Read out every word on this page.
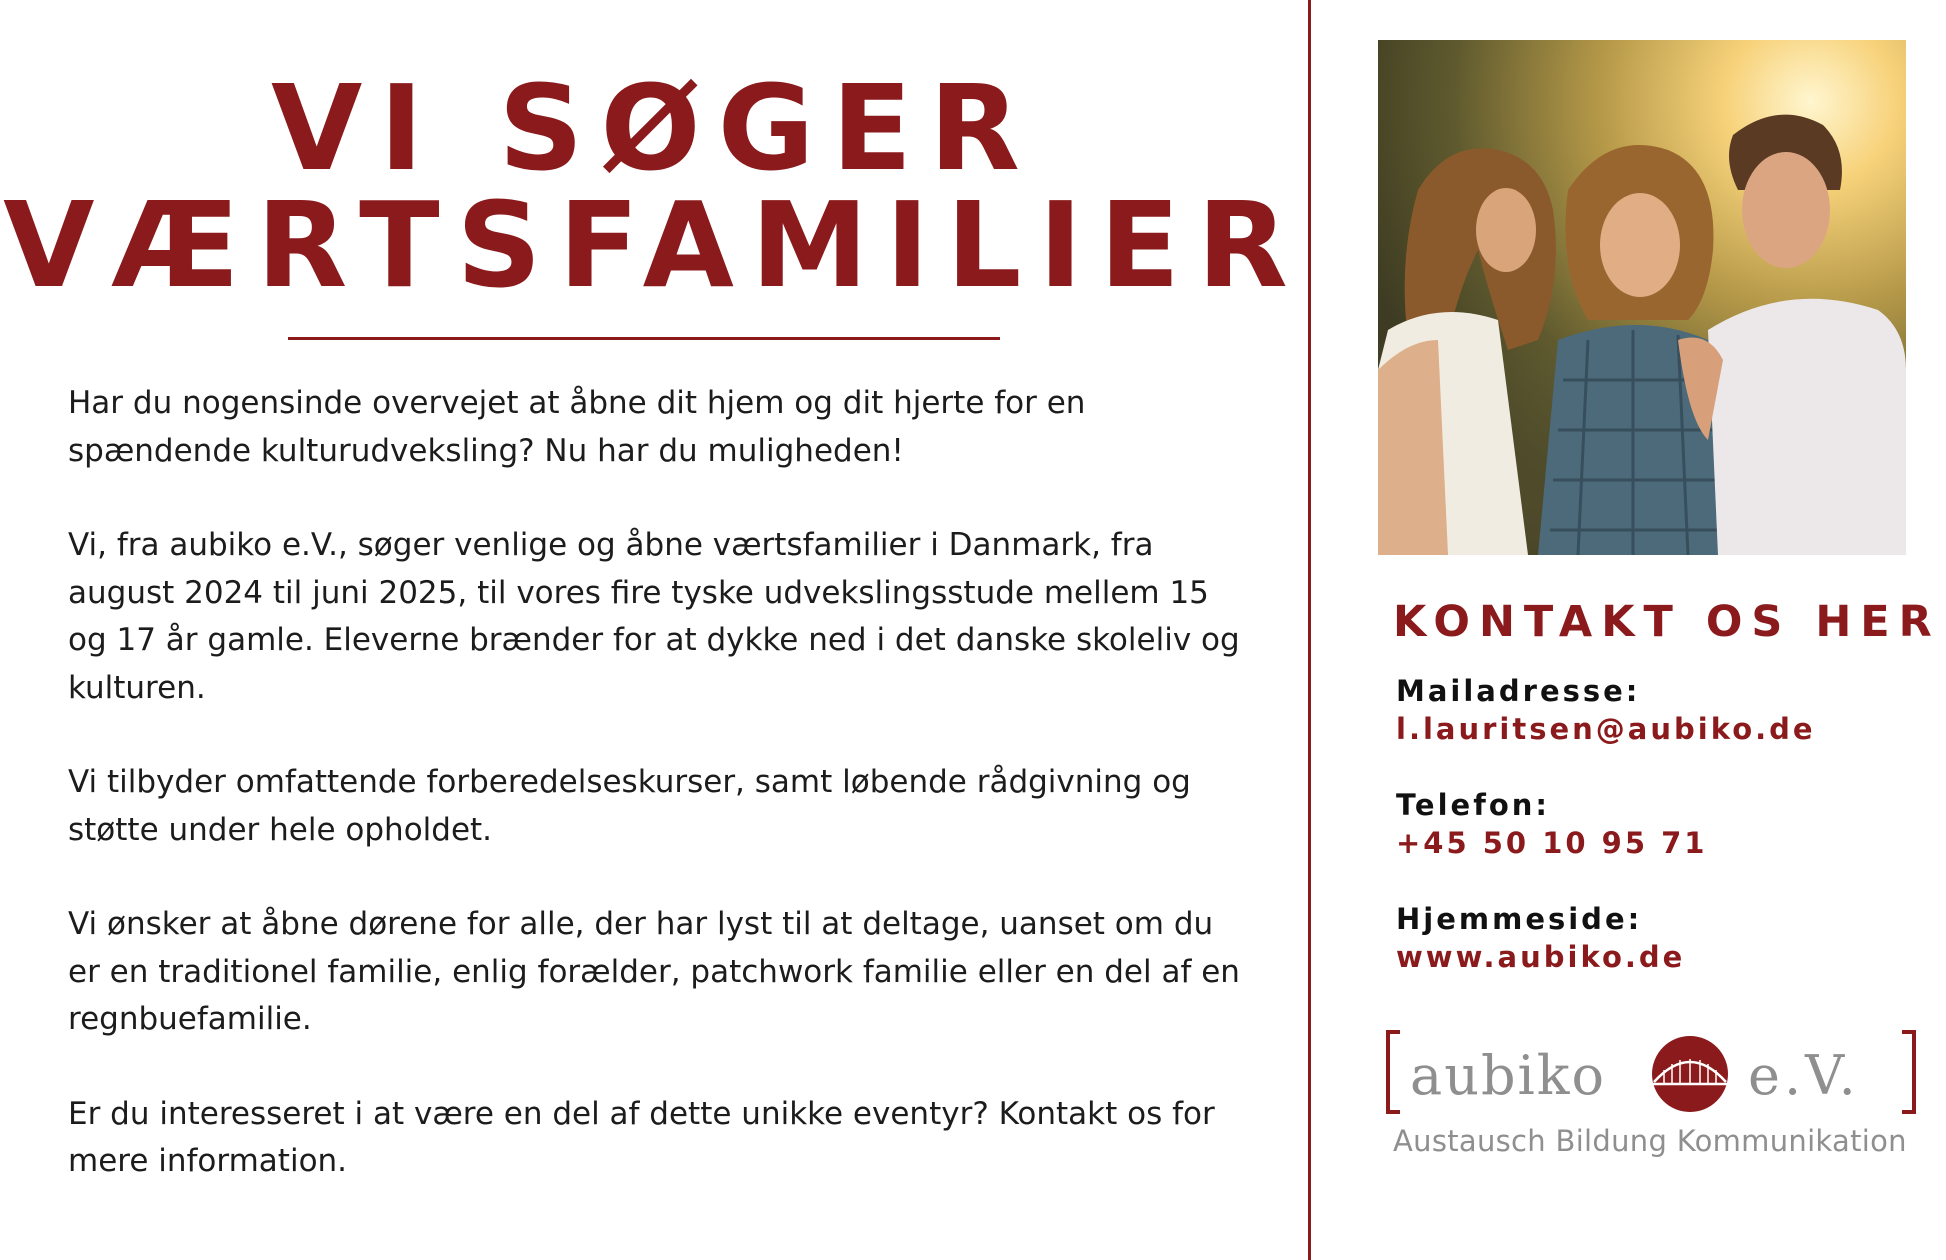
VI SØGER
VÆRTSFAMILIER

Har du nogensinde overvejet at åbne dit hjem og dit hjerte for en spændende kulturudveksling? Nu har du muligheden!

Vi, fra aubiko e.V., søger venlige og åbne værtsfamilier i Danmark, fra august 2024 til juni 2025, til vores fire tyske udvekslingsstude mellem 15 og 17 år gamle. Eleverne brænder for at dykke ned i det danske skoleliv og kulturen.

Vi tilbyder omfattende forberedelseskurser, samt løbende rådgivning og støtte under hele opholdet.

Vi ønsker at åbne dørene for alle, der har lyst til at deltage, uanset om du er en traditionel familie, enlig forælder, patchwork familie eller en del af en regnbuefamilie.

Er du interesseret i at være en del af dette unikke eventyr? Kontakt os for mere information.

KONTAKT OS HER
Mailadresse:
l.lauritsen@aubiko.de
Telefon:
+45 50 10 95 71
Hjemmeside:
www.aubiko.de
aubiko	e.V.
Austausch Bildung Kommunikation
